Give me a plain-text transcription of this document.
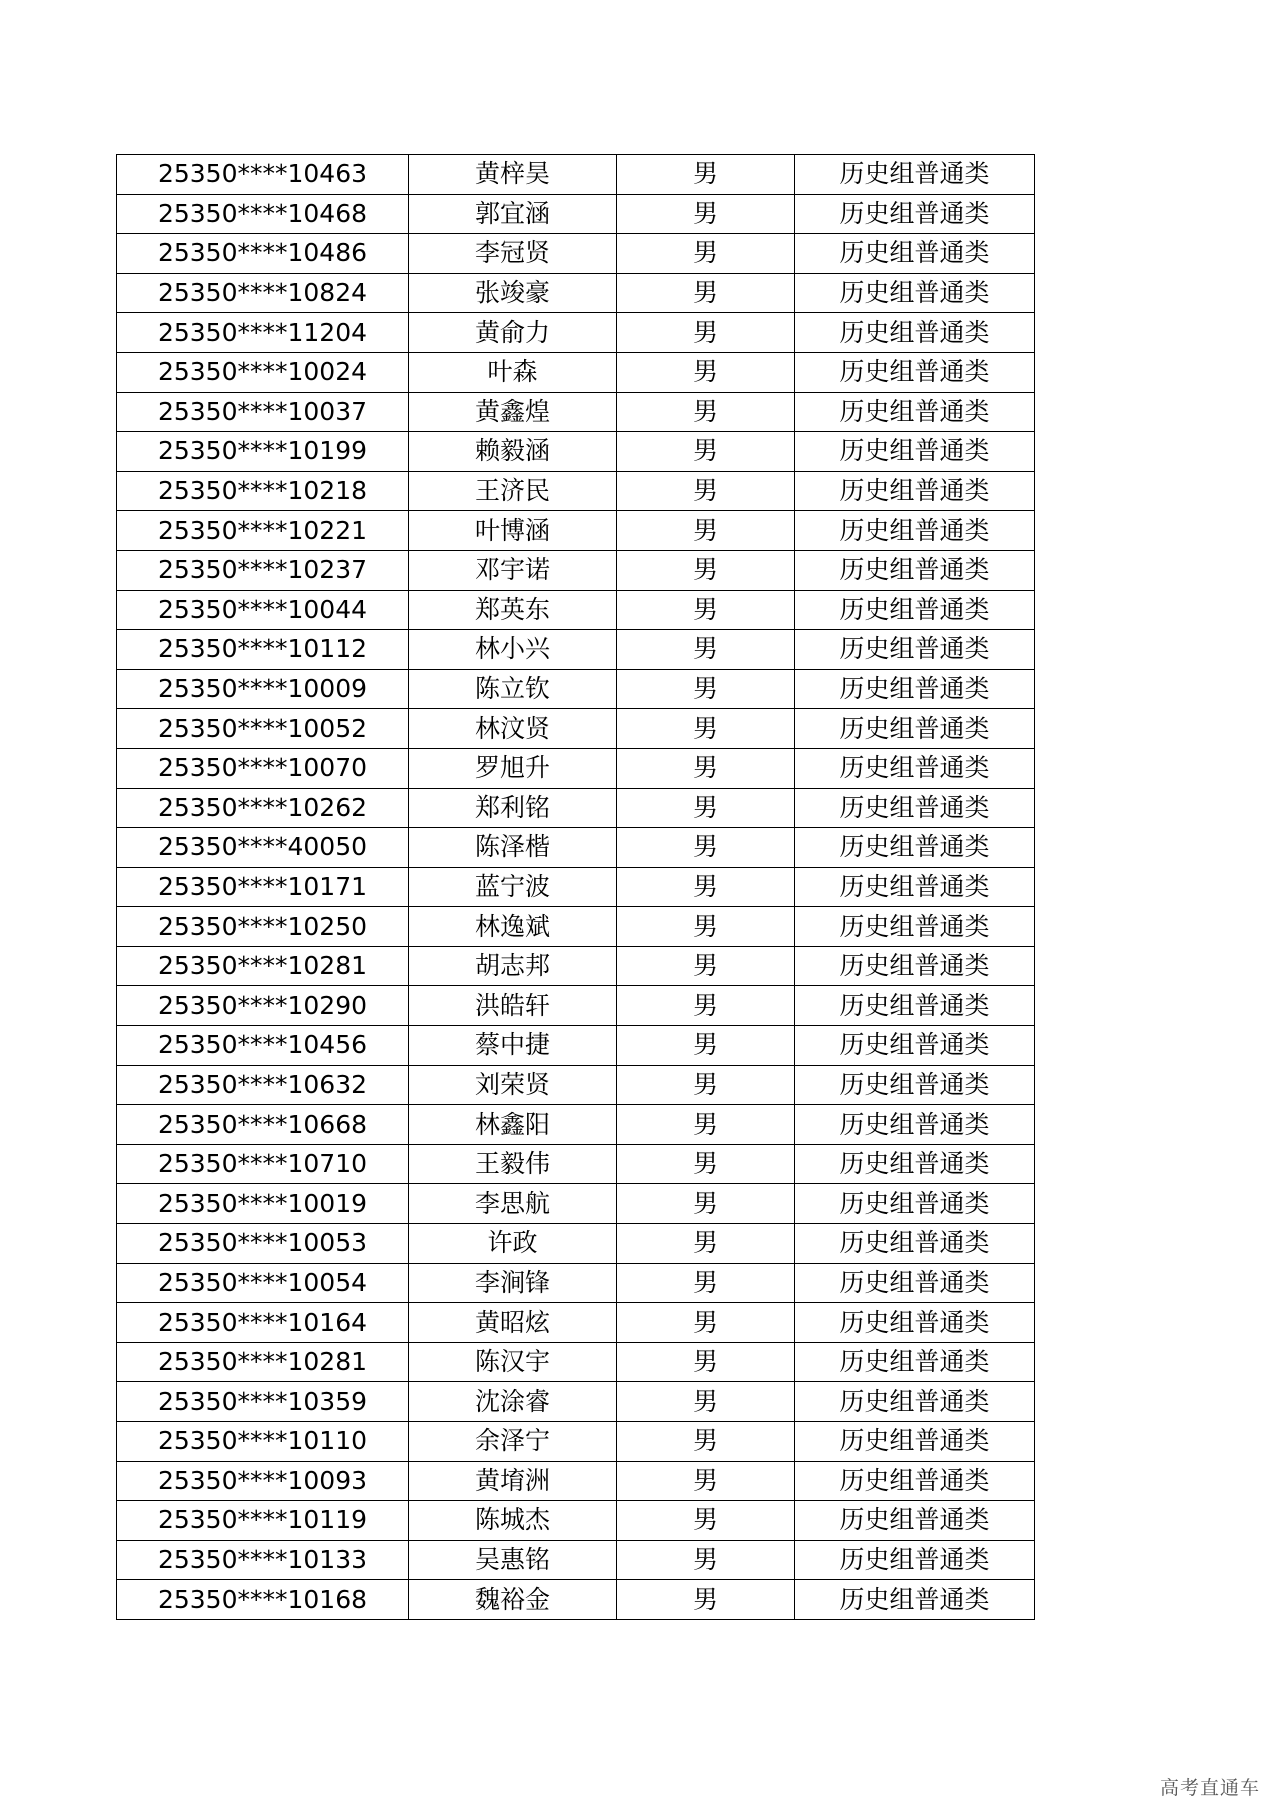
25350****10463	黄梓昊	男	历史组普通类
25350****10468	郭宜涵	男	历史组普通类
25350****10486	李冠贤	男	历史组普通类
25350****10824	张竣豪	男	历史组普通类
25350****11204	黄俞力	男	历史组普通类
25350****10024	叶森	男	历史组普通类
25350****10037	黄鑫煌	男	历史组普通类
25350****10199	赖毅涵	男	历史组普通类
25350****10218	王济民	男	历史组普通类
25350****10221	叶博涵	男	历史组普通类
25350****10237	邓宇诺	男	历史组普通类
25350****10044	郑英东	男	历史组普通类
25350****10112	林小兴	男	历史组普通类
25350****10009	陈立钦	男	历史组普通类
25350****10052	林汶贤	男	历史组普通类
25350****10070	罗旭升	男	历史组普通类
25350****10262	郑利铭	男	历史组普通类
25350****40050	陈泽楷	男	历史组普通类
25350****10171	蓝宁波	男	历史组普通类
25350****10250	林逸斌	男	历史组普通类
25350****10281	胡志邦	男	历史组普通类
25350****10290	洪皓轩	男	历史组普通类
25350****10456	蔡中捷	男	历史组普通类
25350****10632	刘荣贤	男	历史组普通类
25350****10668	林鑫阳	男	历史组普通类
25350****10710	王毅伟	男	历史组普通类
25350****10019	李思航	男	历史组普通类
25350****10053	许政	男	历史组普通类
25350****10054	李涧锋	男	历史组普通类
25350****10164	黄昭炫	男	历史组普通类
25350****10281	陈汉宇	男	历史组普通类
25350****10359	沈涂睿	男	历史组普通类
25350****10110	余泽宁	男	历史组普通类
25350****10093	黄堉洲	男	历史组普通类
25350****10119	陈城杰	男	历史组普通类
25350****10133	吴惠铭	男	历史组普通类
25350****10168	魏裕金	男	历史组普通类
高考直通车
